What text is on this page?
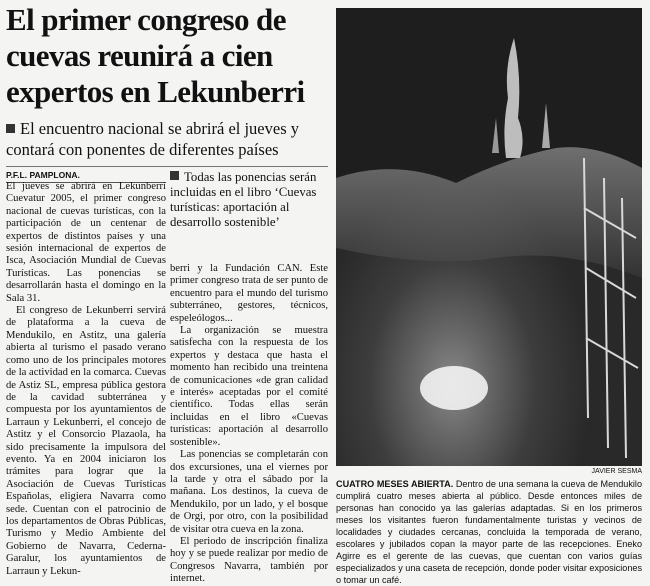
El primer congreso de cuevas reunirá a cien expertos en Lekunberri

El encuentro nacional se abrirá el jueves y contará con ponentes de diferentes países

P.F.L. PAMPLONA.

El jueves se abrirá en Lekunberri Cuevatur 2005, el primer congreso nacional de cuevas turísticas, con la participación de un centenar de expertos de distintos países y una sesión internacional de expertos de Isca, Asociación Mundial de Cuevas Turísticas. Las ponencias se desarrollarán hasta el domingo en la Sala 31.

El congreso de Lekunberri servirá de plataforma a la cueva de Mendukilo, en Astitz, una galería abierta al turismo el pasado verano como uno de los principales motores de la actividad en la comarca. Cuevas de Astiz SL, empresa pública gestora de la cavidad subterránea y compuesta por los ayuntamientos de Larraun y Lekunberri, el concejo de Astitz y el Consorcio Plazaola, ha sido precisamente la impulsora del evento. Ya en 2004 iniciaron los trámites para lograr que la Asociación de Cuevas Turísticas Españolas, eligiera Navarra como sede. Cuentan con el patrocinio de los departamentos de Obras Públicas, Turismo y Medio Ambiente del Gobierno de Navarra, Cederna-Garalur, los ayuntamientos de Larraun y Lekun-

Todas las ponencias serán incluidas en el libro ‘Cuevas turísticas: aportación al desarrollo sostenible’

berri y la Fundación CAN. Este primer congreso trata de ser punto de encuentro para el mundo del turismo subterráneo, gestores, técnicos, espeleólogos...

La organización se muestra satisfecha con la respuesta de los expertos y destaca que hasta el momento han recibido una treintena de comunicaciones «de gran calidad e interés» aceptadas por el comité científico. Todas ellas serán incluidas en el libro «Cuevas turísticas: aportación al desarrollo sostenible».

Las ponencias se completarán con dos excursiones, una el viernes por la tarde y otra el sábado por la mañana. Los destinos, la cueva de Mendukilo, por un lado, y el bosque de Orgi, por otro, con la posibilidad de visitar otra cueva en la zona.

El periodo de inscripción finaliza hoy y se puede realizar por medio de Congresos Navarra, también por internet.

JAVIER SESMA

CUATRO MESES ABIERTA. Dentro de una semana la cueva de Mendukilo cumplirá cuatro meses abierta al público. Desde entonces miles de personas han conocido ya las galerías adaptadas. Si en los primeros meses los visitantes fueron fundamentalmente turistas y vecinos de localidades y ciudades cercanas, concluida la temporada de verano, escolares y jubilados copan la mayor parte de las recepciones. Eneko Agirre es el gerente de las cuevas, que cuentan con varios guías especializados y una caseta de recepción, donde poder visitar exposiciones o tomar un café.
